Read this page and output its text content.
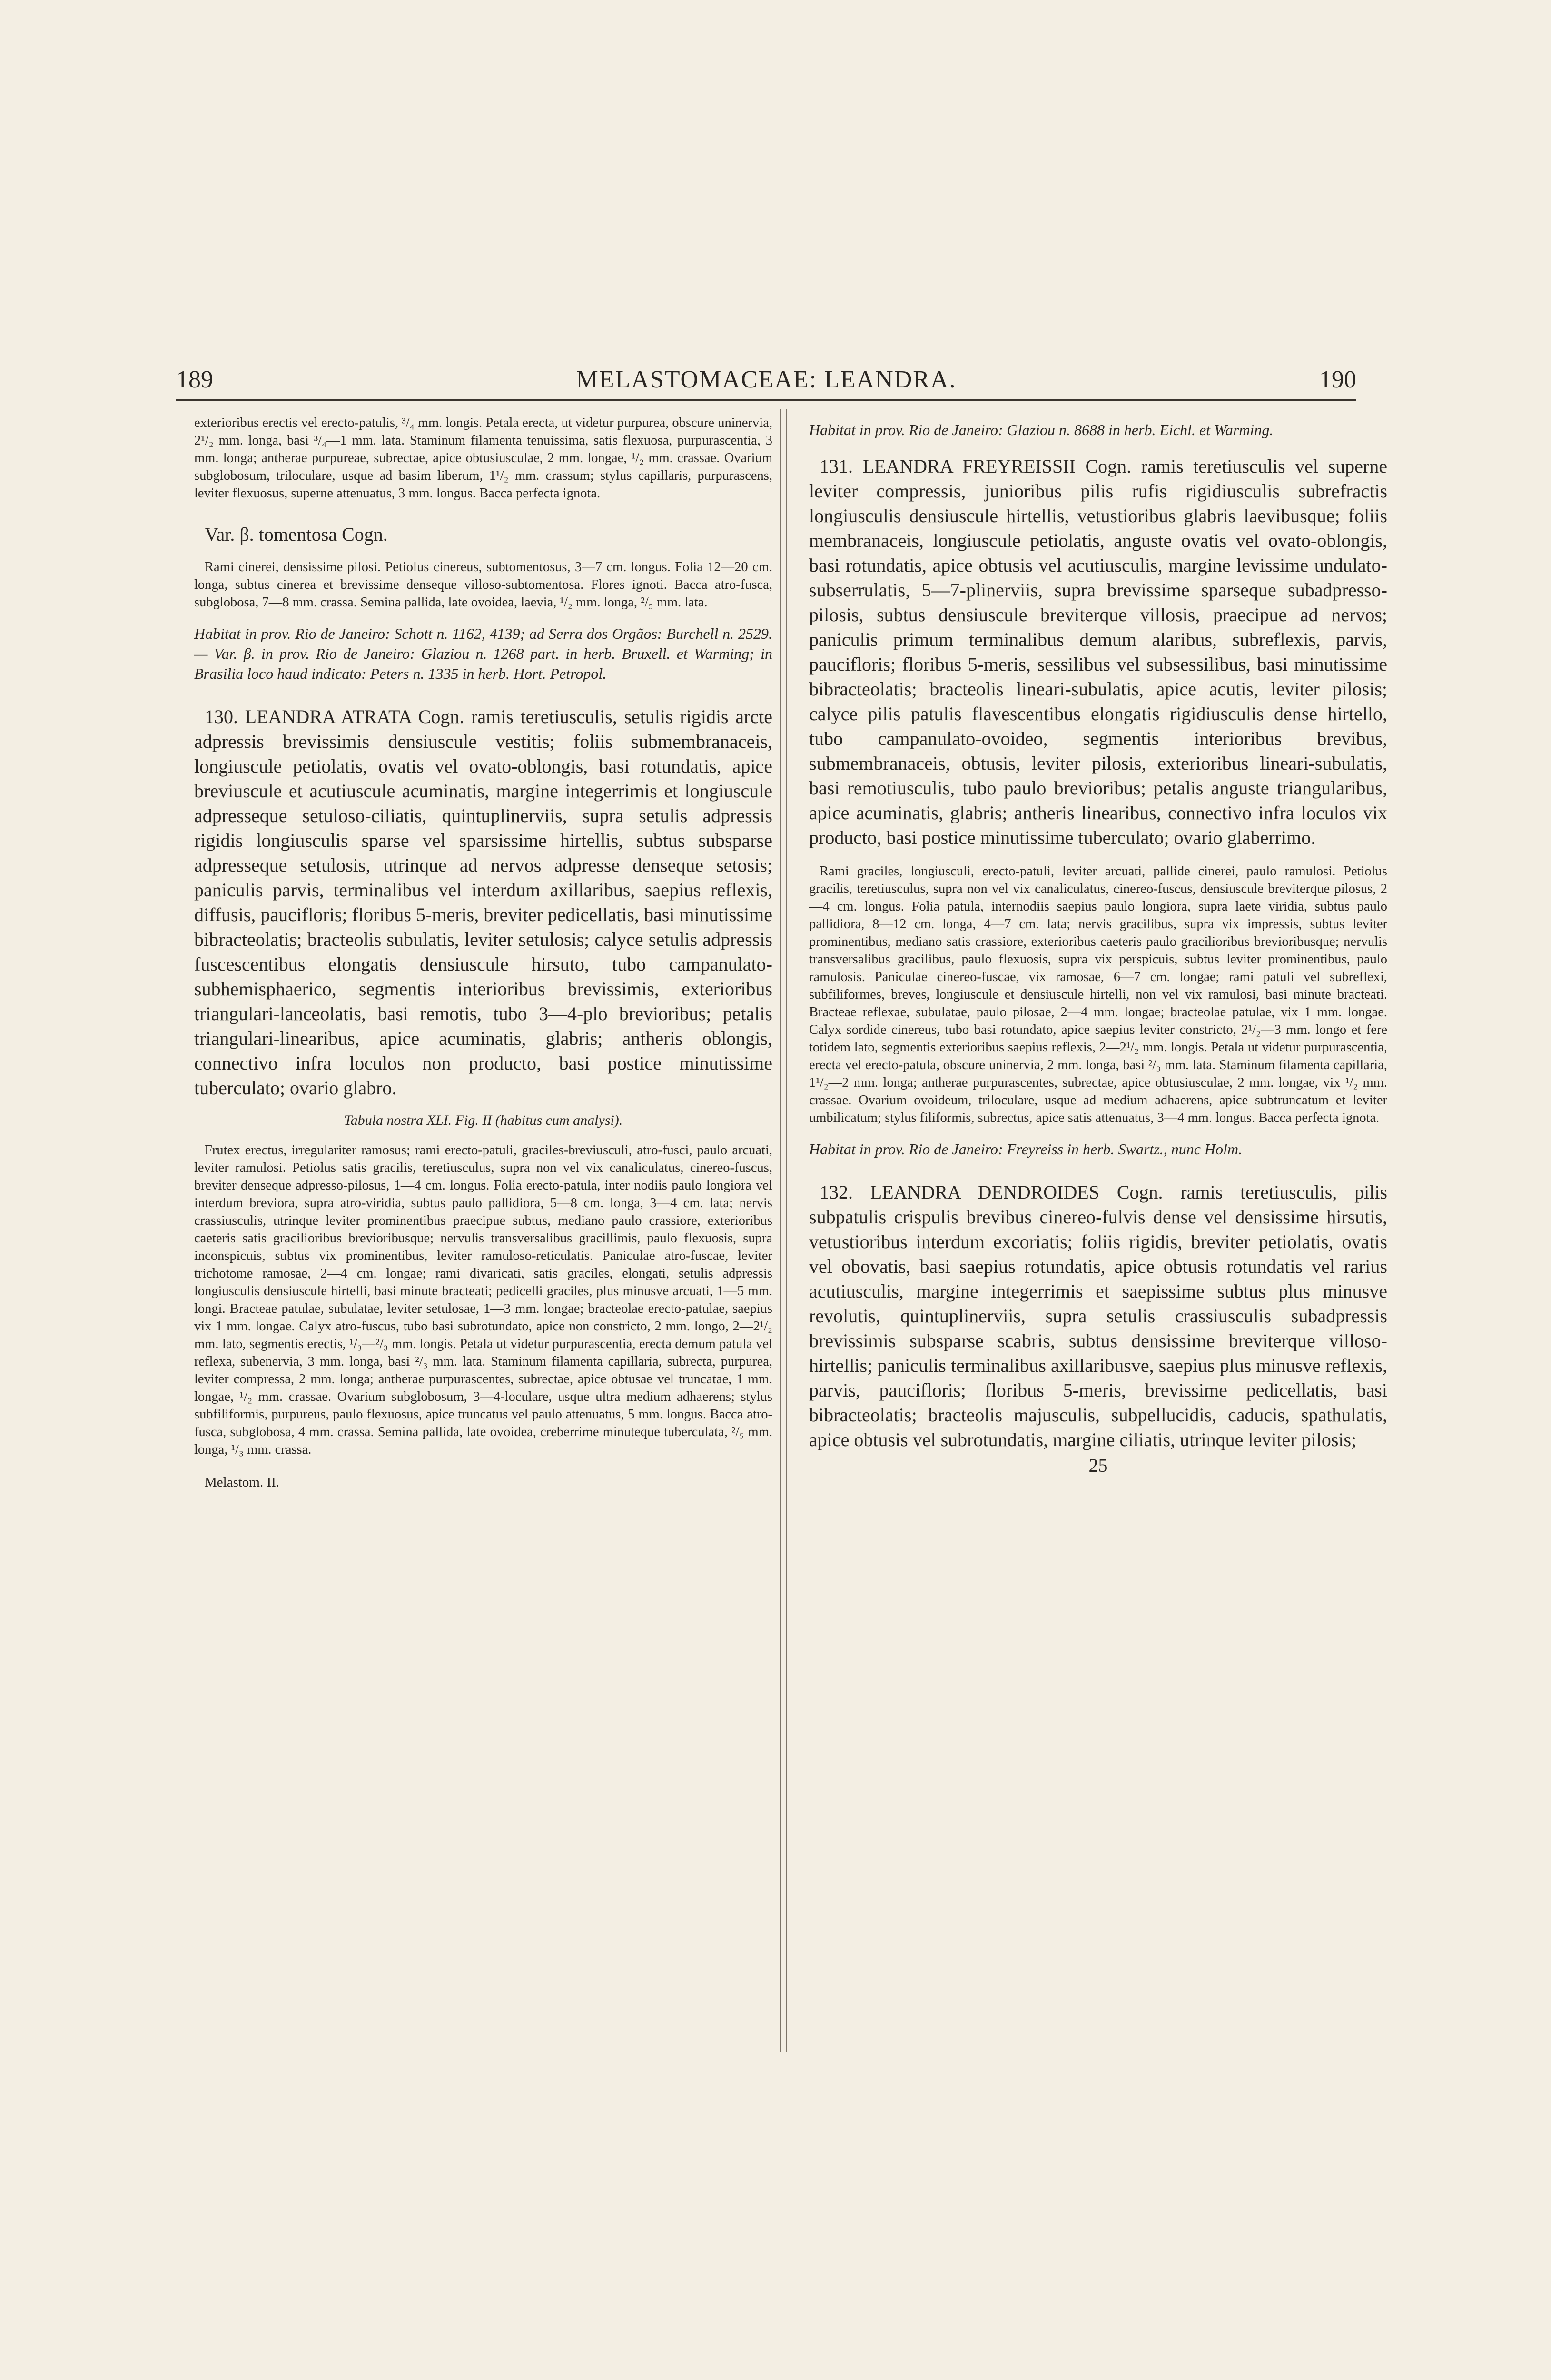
189	MELASTOMACEAE: LEANDRA.	190

exterioribus erectis vel erecto-patulis, ³/₄ mm. longis. Petala erecta, ut videtur purpurea, obscure uninervia, 2¹/₂ mm. longa, basi ³/₄—1 mm. lata. Staminum filamenta tenuissima, satis flexuosa, purpurascentia, 3 mm. longa; antherae purpureae, subrectae, apice obtusiusculae, 2 mm. longae, ¹/₂ mm. crassae. Ovarium subglobosum, triloculare, usque ad basim liberum, 1¹/₂ mm. crassum; stylus capillaris, purpurascens, leviter flexuosus, superne attenuatus, 3 mm. longus. Bacca perfecta ignota.

Var. β. tomentosa Cogn.

Rami cinerei, densissime pilosi. Petiolus cinereus, subtomentosus, 3—7 cm. longus. Folia 12—20 cm. longa, subtus cinerea et brevissime denseque villoso-subtomentosa. Flores ignoti. Bacca atro-fusca, subglobosa, 7—8 mm. crassa. Semina pallida, late ovoidea, laevia, ¹/₂ mm. longa, ²/₅ mm. lata.

Habitat in prov. Rio de Janeiro: Schott n. 1162, 4139; ad Serra dos Orgãos: Burchell n. 2529. — Var. β. in prov. Rio de Janeiro: Glaziou n. 1268 part. in herb. Bruxell. et Warming; in Brasilia loco haud indicato: Peters n. 1335 in herb. Hort. Petropol.

130. LEANDRA ATRATA Cogn. ramis teretiusculis, setulis rigidis arcte adpressis brevissimis densiuscule vestitis; foliis submembranaceis, longiuscule petiolatis, ovatis vel ovato-oblongis, basi rotundatis, apice breviuscule et acutiuscule acuminatis, margine integerrimis et longiuscule adpresseque setuloso-ciliatis, quintuplinerviis, supra setulis adpressis rigidis longiusculis sparse vel sparsissime hirtellis, subtus subsparse adpresseque setulosis, utrinque ad nervos adpresse denseque setosis; paniculis parvis, terminalibus vel interdum axillaribus, saepius reflexis, diffusis, paucifloris; floribus 5-meris, breviter pedicellatis, basi minutissime bibracteolatis; bracteolis subulatis, leviter setulosis; calyce setulis adpressis fuscescentibus elongatis densiuscule hirsuto, tubo campanulato-subhemisphaerico, segmentis interioribus brevissimis, exterioribus triangulari-lanceolatis, basi remotis, tubo 3—4-plo brevioribus; petalis triangulari-linearibus, apice acuminatis, glabris; antheris oblongis, connectivo infra loculos non producto, basi postice minutissime tuberculato; ovario glabro.

Tabula nostra XLI. Fig. II (habitus cum analysi).

Frutex erectus, irregulariter ramosus; rami erecto-patuli, graciles-breviusculi, atro-fusci, paulo arcuati, leviter ramulosi. Petiolus satis gracilis, teretiusculus, supra non vel vix canaliculatus, cinereo-fuscus, breviter denseque adpresso-pilosus, 1—4 cm. longus. Folia erecto-patula, inter nodiis paulo longiora vel interdum breviora, supra atro-viridia, subtus paulo pallidiora, 5—8 cm. longa, 3—4 cm. lata; nervis crassiusculis, utrinque leviter prominentibus praecipue subtus, mediano paulo crassiore, exterioribus caeteris satis gracilioribus brevioribusque; nervulis transversalibus gracillimis, paulo flexuosis, supra inconspicuis, subtus vix prominentibus, leviter ramuloso-reticulatis. Paniculae atro-fuscae, leviter trichotome ramosae, 2—4 cm. longae; rami divaricati, satis graciles, elongati, setulis adpressis longiusculis densiuscule hirtelli, basi minute bracteati; pedicelli graciles, plus minusve arcuati, 1—5 mm. longi. Bracteae patulae, subulatae, leviter setulosae, 1—3 mm. longae; bracteolae erecto-patulae, saepius vix 1 mm. longae. Calyx atro-fuscus, tubo basi subrotundato, apice non constricto, 2 mm. longo, 2—2¹/₂ mm. lato, segmentis erectis, ¹/₃—²/₃ mm. longis. Petala ut videtur purpurascentia, erecta demum patula vel reflexa, subenervia, 3 mm. longa, basi ²/₃ mm. lata. Staminum filamenta capillaria, subrecta, purpurea, leviter compressa, 2 mm. longa; antherae purpurascentes, subrectae, apice obtusae vel truncatae, 1 mm. longae, ¹/₂ mm. crassae. Ovarium subglobosum, 3—4-loculare, usque ultra medium adhaerens; stylus subfiliformis, purpureus, paulo flexuosus, apice truncatus vel paulo attenuatus, 5 mm. longus. Bacca atro-fusca, subglobosa, 4 mm. crassa. Semina pallida, late ovoidea, creberrime minuteque tuberculata, ²/₅ mm. longa, ¹/₃ mm. crassa.

Melastom. II.

Habitat in prov. Rio de Janeiro: Glaziou n. 8688 in herb. Eichl. et Warming.

131. LEANDRA FREYREISSII Cogn. ramis teretiusculis vel superne leviter compressis, junioribus pilis rufis rigidiusculis subrefractis longiusculis densiuscule hirtellis, vetustioribus glabris laevibusque; foliis membranaceis, longiuscule petiolatis, anguste ovatis vel ovato-oblongis, basi rotundatis, apice obtusis vel acutiusculis, margine levissime undulato-subserrulatis, 5—7-plinerviis, supra brevissime sparseque subadpresso-pilosis, subtus densiuscule breviterque villosis, praecipue ad nervos; paniculis primum terminalibus demum alaribus, subreflexis, parvis, paucifloris; floribus 5-meris, sessilibus vel subsessilibus, basi minutissime bibracteolatis; bracteolis lineari-subulatis, apice acutis, leviter pilosis; calyce pilis patulis flavescentibus elongatis rigidiusculis dense hirtello, tubo campanulato-ovoideo, segmentis interioribus brevibus, submembranaceis, obtusis, leviter pilosis, exterioribus lineari-subulatis, basi remotiusculis, tubo paulo brevioribus; petalis anguste triangularibus, apice acuminatis, glabris; antheris linearibus, connectivo infra loculos vix producto, basi postice minutissime tuberculato; ovario glaberrimo.

Rami graciles, longiusculi, erecto-patuli, leviter arcuati, pallide cinerei, paulo ramulosi. Petiolus gracilis, teretiusculus, supra non vel vix canaliculatus, cinereo-fuscus, densiuscule breviterque pilosus, 2—4 cm. longus. Folia patula, internodiis saepius paulo longiora, supra laete viridia, subtus paulo pallidiora, 8—12 cm. longa, 4—7 cm. lata; nervis gracilibus, supra vix impressis, subtus leviter prominentibus, mediano satis crassiore, exterioribus caeteris paulo gracilioribus brevioribusque; nervulis transversalibus gracilibus, paulo flexuosis, supra vix perspicuis, subtus leviter prominentibus, paulo ramulosis. Paniculae cinereo-fuscae, vix ramosae, 6—7 cm. longae; rami patuli vel subreflexi, subfiliformes, breves, longiuscule et densiuscule hirtelli, non vel vix ramulosi, basi minute bracteati. Bracteae reflexae, subulatae, paulo pilosae, 2—4 mm. longae; bracteolae patulae, vix 1 mm. longae. Calyx sordide cinereus, tubo basi rotundato, apice saepius leviter constricto, 2¹/₂—3 mm. longo et fere totidem lato, segmentis exterioribus saepius reflexis, 2—2¹/₂ mm. longis. Petala ut videtur purpurascentia, erecta vel erecto-patula, obscure uninervia, 2 mm. longa, basi ²/₃ mm. lata. Staminum filamenta capillaria, 1¹/₂—2 mm. longa; antherae purpurascentes, subrectae, apice obtusiusculae, 2 mm. longae, vix ¹/₂ mm. crassae. Ovarium ovoideum, triloculare, usque ad medium adhaerens, apice subtruncatum et leviter umbilicatum; stylus filiformis, subrectus, apice satis attenuatus, 3—4 mm. longus. Bacca perfecta ignota.

Habitat in prov. Rio de Janeiro: Freyreiss in herb. Swartz., nunc Holm.

132. LEANDRA DENDROIDES Cogn. ramis teretiusculis, pilis subpatulis crispulis brevibus cinereo-fulvis dense vel densissime hirsutis, vetustioribus interdum excoriatis; foliis rigidis, breviter petiolatis, ovatis vel obovatis, basi saepius rotundatis, apice obtusis rotundatis vel rarius acutiusculis, margine integerrimis et saepissime subtus plus minusve revolutis, quintuplinerviis, supra setulis crassiusculis subadpressis brevissimis subsparse scabris, subtus densissime breviterque villoso-hirtellis; paniculis terminalibus axillaribusve, saepius plus minusve reflexis, parvis, paucifloris; floribus 5-meris, brevissime pedicellatis, basi bibracteolatis; bracteolis majusculis, subpellucidis, caducis, spathulatis, apice obtusis vel subrotundatis, margine ciliatis, utrinque leviter pilosis;

25
